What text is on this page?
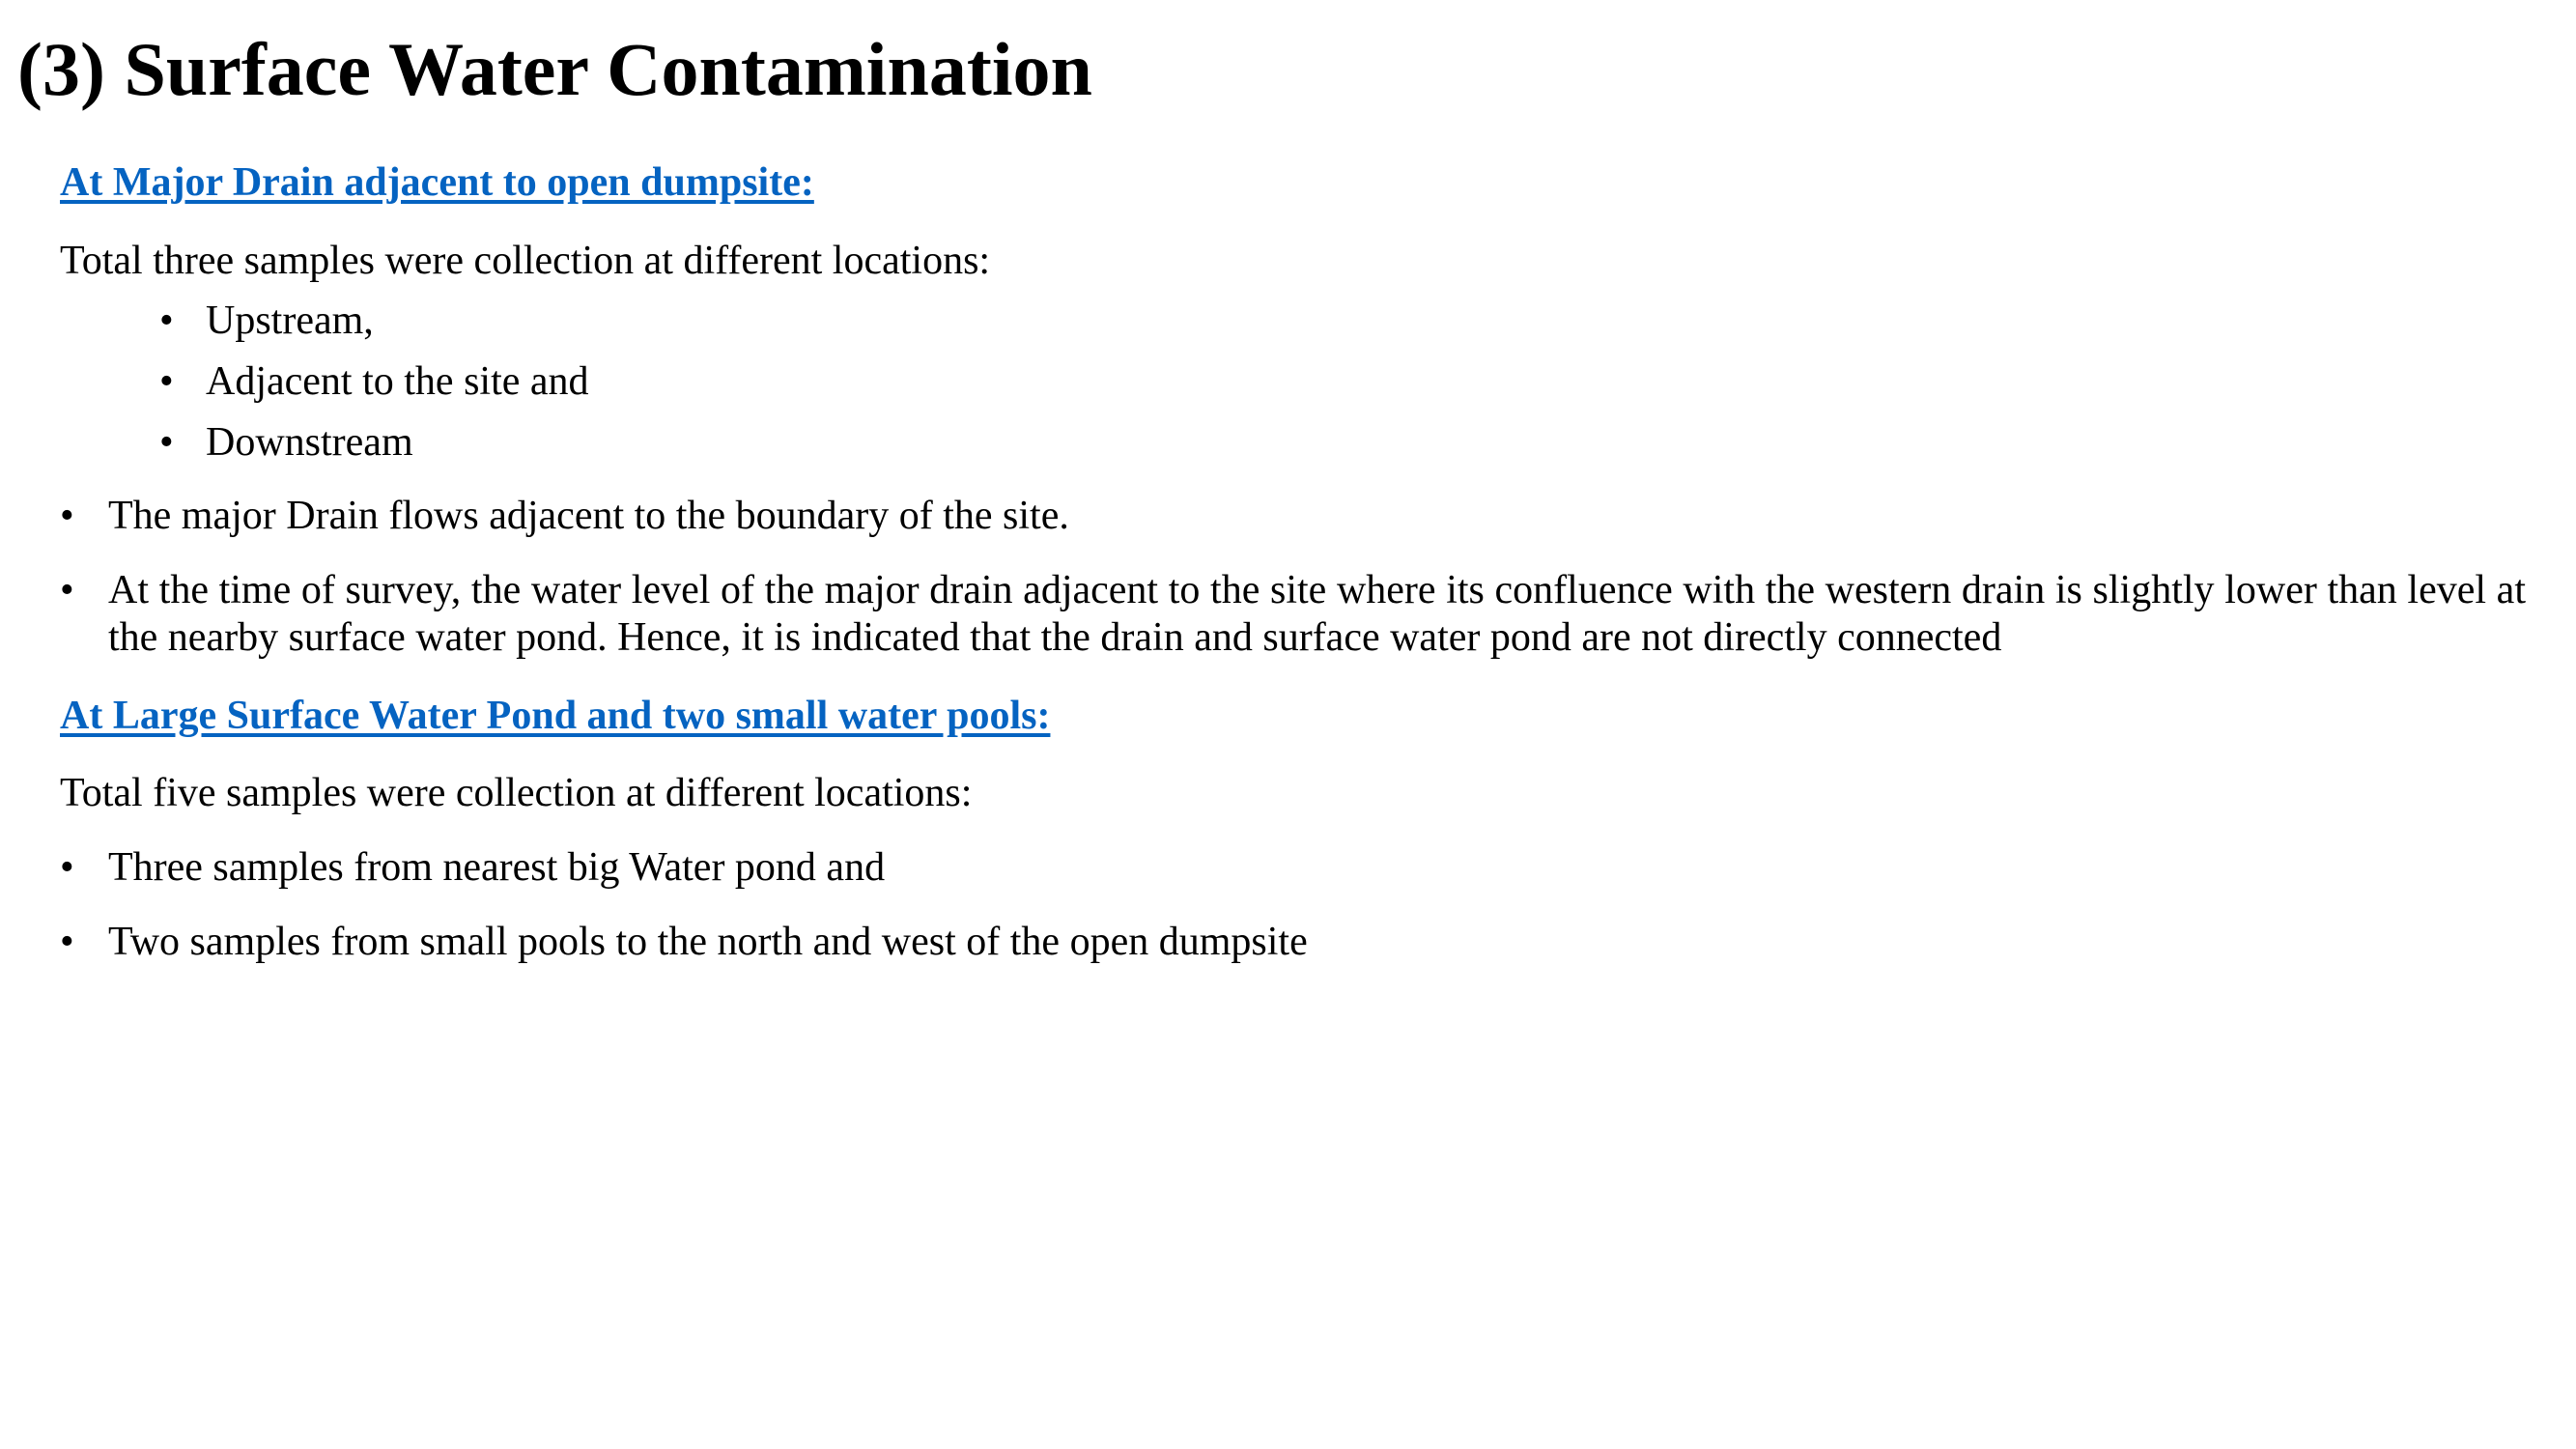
(3) Surface Water Contamination
At Major Drain adjacent to open dumpsite:

Total three samples were collection at different locations:

• Upstream,
• Adjacent to the site and
• Downstream
• The major Drain flows adjacent to the boundary of the site.
• At the time of survey, the water level of the major drain adjacent to the site where its confluence with the western drain is slightly lower than level at the nearby surface water pond. Hence, it is indicated that the drain and surface water pond are not directly connected
At Large Surface Water Pond and two small water pools:

Total five samples were collection at different locations:

• Three samples from nearest big Water pond and
• Two samples from small pools to the north and west of the open dumpsite
